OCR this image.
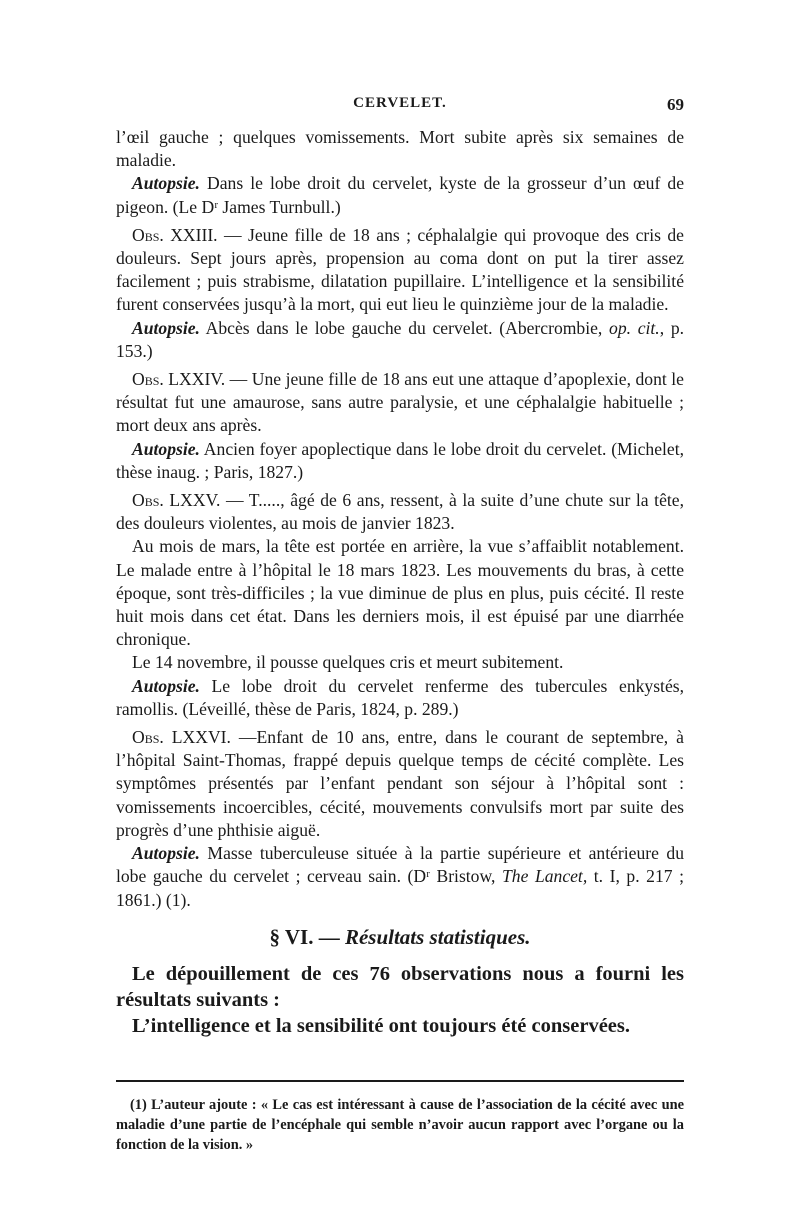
CERVELET.	69

l’œil gauche ; quelques vomissements. Mort subite après six semaines de maladie.

Autopsie. Dans le lobe droit du cervelet, kyste de la grosseur d’un œuf de pigeon. (Le Dʳ James Turnbull.)

Obs. XXIII. — Jeune fille de 18 ans ; céphalalgie qui provoque des cris de douleurs. Sept jours après, propension au coma dont on put la tirer assez facilement ; puis strabisme, dilatation pupillaire. L’intelligence et la sensibilité furent conservées jusqu’à la mort, qui eut lieu le quinzième jour de la maladie.

Autopsie. Abcès dans le lobe gauche du cervelet. (Abercrombie, op. cit., p. 153.)

Obs. LXXIV. — Une jeune fille de 18 ans eut une attaque d’apoplexie, dont le résultat fut une amaurose, sans autre paralysie, et une céphalalgie habituelle ; mort deux ans après.

Autopsie. Ancien foyer apoplectique dans le lobe droit du cervelet. (Michelet, thèse inaug. ; Paris, 1827.)

Obs. LXXV. — T....., âgé de 6 ans, ressent, à la suite d’une chute sur la tête, des douleurs violentes, au mois de janvier 1823.

Au mois de mars, la tête est portée en arrière, la vue s’affaiblit notablement. Le malade entre à l’hôpital le 18 mars 1823. Les mouvements du bras, à cette époque, sont très-difficiles ; la vue diminue de plus en plus, puis cécité. Il reste huit mois dans cet état. Dans les derniers mois, il est épuisé par une diarrhée chronique.

Le 14 novembre, il pousse quelques cris et meurt subitement.

Autopsie. Le lobe droit du cervelet renferme des tubercules enkystés, ramollis. (Léveillé, thèse de Paris, 1824, p. 289.)

Obs. LXXVI. —Enfant de 10 ans, entre, dans le courant de septembre, à l’hôpital Saint-Thomas, frappé depuis quelque temps de cécité complète. Les symptômes présentés par l’enfant pendant son séjour à l’hôpital sont : vomissements incoercibles, cécité, mouvements convulsifs mort par suite des progrès d’une phthisie aiguë.

Autopsie. Masse tuberculeuse située à la partie supérieure et antérieure du lobe gauche du cervelet ; cerveau sain. (Dʳ Bristow, The Lancet, t. I, p. 217 ; 1861.) (1).

§ VI. — Résultats statistiques.

Le dépouillement de ces 76 observations nous a fourni les résultats suivants :

L’intelligence et la sensibilité ont toujours été conservées.

(1) L’auteur ajoute : « Le cas est intéressant à cause de l’association de la cécité avec une maladie d’une partie de l’encéphale qui semble n’avoir aucun rapport avec l’organe ou la fonction de la vision. »
